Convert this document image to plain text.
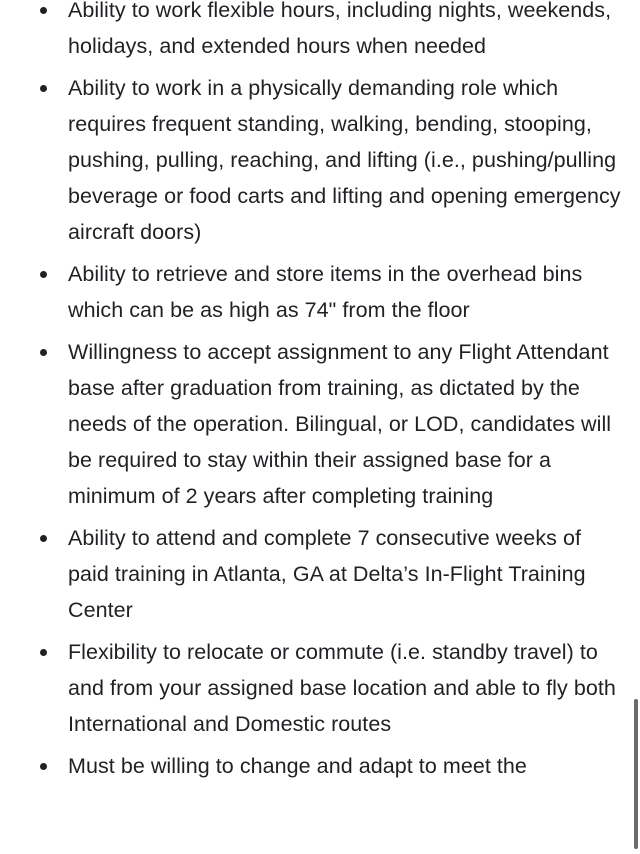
Ability to work flexible hours, including nights, weekends, holidays, and extended hours when needed
Ability to work in a physically demanding role which requires frequent standing, walking, bending, stooping, pushing, pulling, reaching, and lifting (i.e., pushing/pulling beverage or food carts and lifting and opening emergency aircraft doors)
Ability to retrieve and store items in the overhead bins which can be as high as 74" from the floor
Willingness to accept assignment to any Flight Attendant base after graduation from training, as dictated by the needs of the operation. Bilingual, or LOD, candidates will be required to stay within their assigned base for a minimum of 2 years after completing training
Ability to attend and complete 7 consecutive weeks of paid training in Atlanta, GA at Delta’s In-Flight Training Center
Flexibility to relocate or commute (i.e. standby travel) to and from your assigned base location and able to fly both International and Domestic routes
Must be willing to change and adapt to meet the
